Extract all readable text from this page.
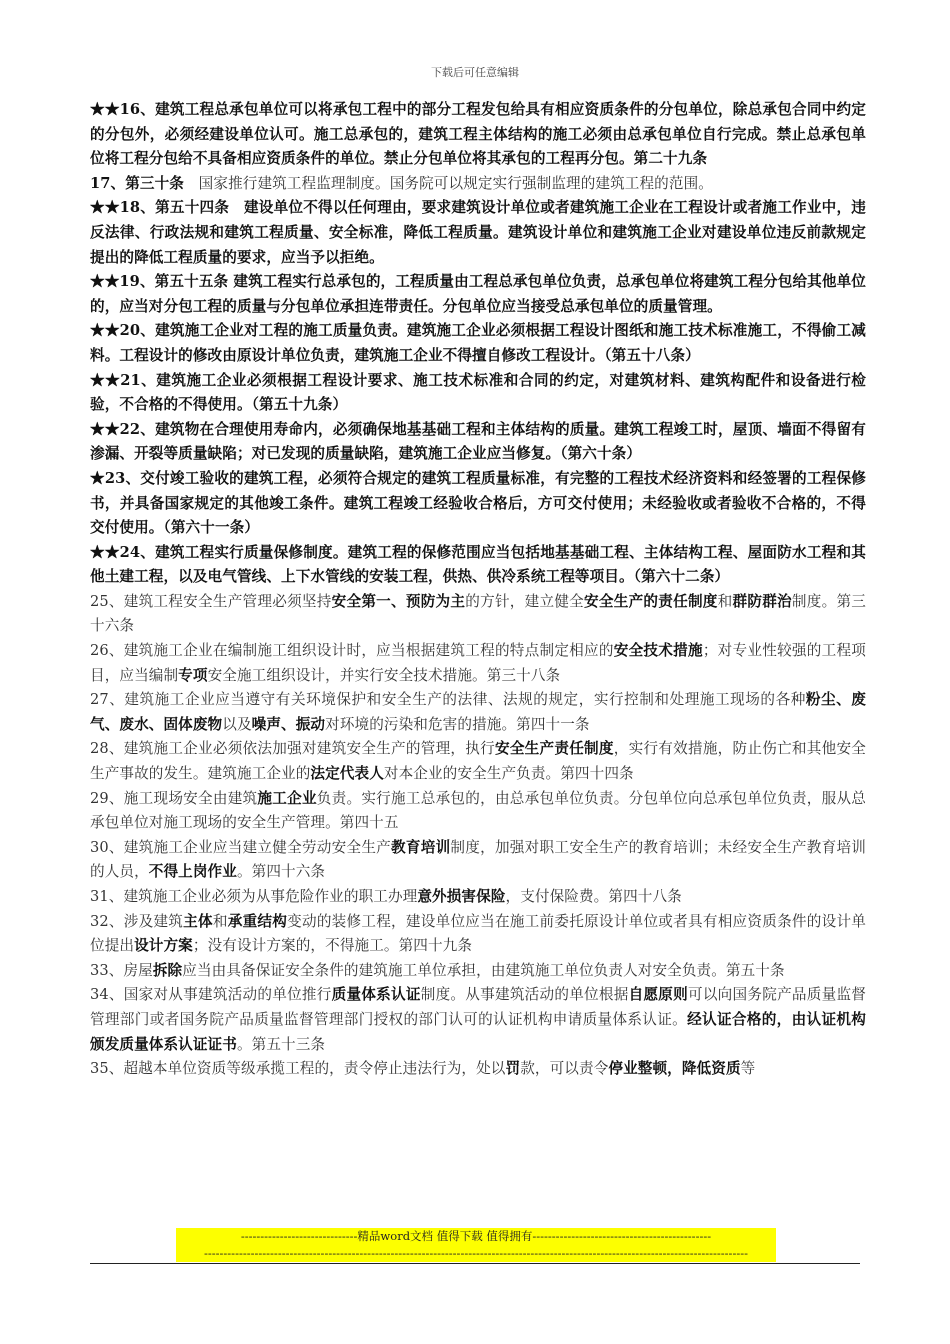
下载后可任意编辑

★★16、建筑工程总承包单位可以将承包工程中的部分工程发包给具有相应资质条件的分包单位，除总承包合同中约定的分包外，必须经建设单位认可。施工总承包的，建筑工程主体结构的施工必须由总承包单位自行完成。禁止总承包单位将工程分包给不具备相应资质条件的单位。禁止分包单位将其承包的工程再分包。第二十九条

17、第三十条　国家推行建筑工程监理制度。国务院可以规定实行强制监理的建筑工程的范围。

★★18、第五十四条　建设单位不得以任何理由，要求建筑设计单位或者建筑施工企业在工程设计或者施工作业中，违反法律、行政法规和建筑工程质量、安全标准，降低工程质量。建筑设计单位和建筑施工企业对建设单位违反前款规定提出的降低工程质量的要求，应当予以拒绝。

★★19、第五十五条 建筑工程实行总承包的，工程质量由工程总承包单位负责，总承包单位将建筑工程分包给其他单位的，应当对分包工程的质量与分包单位承担连带责任。分包单位应当接受总承包单位的质量管理。

★★20、建筑施工企业对工程的施工质量负责。建筑施工企业必须根据工程设计图纸和施工技术标准施工，不得偷工减料。工程设计的修改由原设计单位负责，建筑施工企业不得擅自修改工程设计。（第五十八条）

★★21、建筑施工企业必须根据工程设计要求、施工技术标准和合同的约定，对建筑材料、建筑构配件和设备进行检验，不合格的不得使用。（第五十九条）

★★22、建筑物在合理使用寿命内，必须确保地基基础工程和主体结构的质量。建筑工程竣工时，屋顶、墙面不得留有渗漏、开裂等质量缺陷；对已发现的质量缺陷，建筑施工企业应当修复。（第六十条）

★23、交付竣工验收的建筑工程，必须符合规定的建筑工程质量标准，有完整的工程技术经济资料和经签署的工程保修书，并具备国家规定的其他竣工条件。建筑工程竣工经验收合格后，方可交付使用；未经验收或者验收不合格的，不得交付使用。（第六十一条）

★★24、建筑工程实行质量保修制度。建筑工程的保修范围应当包括地基基础工程、主体结构工程、屋面防水工程和其他土建工程，以及电气管线、上下水管线的安装工程，供热、供冷系统工程等项目。（第六十二条）

25、建筑工程安全生产管理必须坚持安全第一、预防为主的方针，建立健全安全生产的责任制度和群防群治制度。第三十六条

26、建筑施工企业在编制施工组织设计时，应当根据建筑工程的特点制定相应的安全技术措施；对专业性较强的工程项目，应当编制专项安全施工组织设计，并实行安全技术措施。第三十八条

27、建筑施工企业应当遵守有关环境保护和安全生产的法律、法规的规定，实行控制和处理施工现场的各种粉尘、废气、废水、固体废物以及噪声、振动对环境的污染和危害的措施。第四十一条

28、建筑施工企业必须依法加强对建筑安全生产的管理，执行安全生产责任制度，实行有效措施，防止伤亡和其他安全生产事故的发生。建筑施工企业的法定代表人对本企业的安全生产负责。第四十四条

29、施工现场安全由建筑施工企业负责。实行施工总承包的，由总承包单位负责。分包单位向总承包单位负责，服从总承包单位对施工现场的安全生产管理。第四十五

30、建筑施工企业应当建立健全劳动安全生产教育培训制度，加强对职工安全生产的教育培训；未经安全生产教育培训的人员，不得上岗作业。第四十六条

31、建筑施工企业必须为从事危险作业的职工办理意外损害保险，支付保险费。第四十八条

32、涉及建筑主体和承重结构变动的装修工程，建设单位应当在施工前委托原设计单位或者具有相应资质条件的设计单位提出设计方案；没有设计方案的，不得施工。第四十九条

33、房屋拆除应当由具备保证安全条件的建筑施工单位承担，由建筑施工单位负责人对安全负责。第五十条

34、国家对从事建筑活动的单位推行质量体系认证制度。从事建筑活动的单位根据自愿原则可以向国务院产品质量监督管理部门或者国务院产品质量监督管理部门授权的部门认可的认证机构申请质量体系认证。经认证合格的，由认证机构颁发质量体系认证证书。第五十三条

35、超越本单位资质等级承揽工程的，责令停止违法行为，处以罚款，可以责令停业整顿，降低资质等

------------------------------精品word文档 值得下载 值得拥有----------------------------------------------
--------------------------------------------------------------------------------------------------------------------------------------------
